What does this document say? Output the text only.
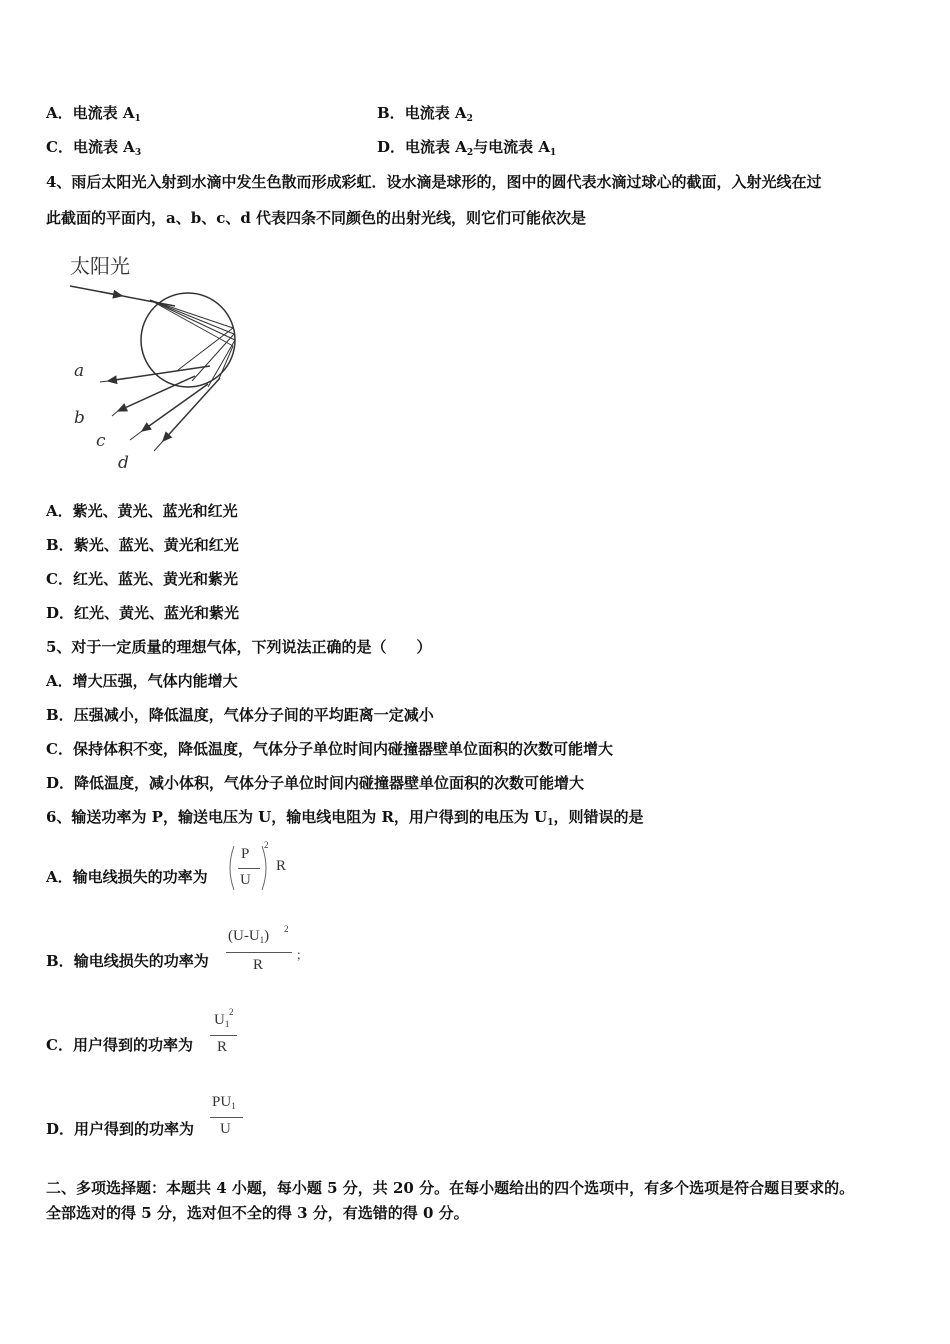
A．电流表 $A_1$	B．电流表 $A_2$
C．电流表 $A_3$	D．电流表 $A_2$与电流表 $A_1$
4、雨后太阳光入射到水滴中发生色散而形成彩虹．设水滴是球形的，图中的圆代表水滴过球心的截面，入射光线在过
此截面的平面内，a、b、c、d 代表四条不同颜色的出射光线，则它们可能依次是
太阳光
a
b
c
d
A．紫光、黄光、蓝光和红光
B．紫光、蓝光、黄光和红光
C．红光、蓝光、黄光和紫光
D．红光、黄光、蓝光和紫光
5、对于一定质量的理想气体，下列说法正确的是（　　）
A．增大压强，气体内能增大
B．压强减小，降低温度，气体分子间的平均距离一定减小
C．保持体积不变，降低温度，气体分子单位时间内碰撞器壁单位面积的次数可能增大
D．降低温度，减小体积，气体分子单位时间内碰撞器壁单位面积的次数可能增大
6、输送功率为 P，输送电压为 U，输电线电阻为 R，用户得到的电压为 $U_1$，则错误的是
A．输电线损失的功率为
P
U
2
R
B．输电线损失的功率为
$(U-U_1)$ 2
R
；
C．用户得到的功率为
$U_1$
2
R
D．用户得到的功率为
$PU_1$
U
二、多项选择题：本题共 4 小题，每小题 5 分，共 20 分。在每小题给出的四个选项中，有多个选项是符合题目要求的。
全部选对的得 5 分，选对但不全的得 3 分，有选错的得 0 分。
